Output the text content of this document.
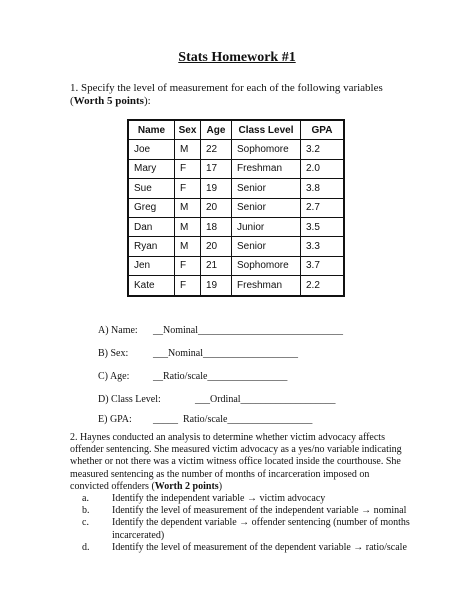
Stats Homework #1
1. Specify the level of measurement for each of the following variables (Worth 5 points):
Name	Sex	Age	Class Level	GPA
Joe	M	22	Sophomore	3.2
Mary	F	17	Freshman	2.0
Sue	F	19	Senior	3.8
Greg	M	20	Senior	2.7
Dan	M	18	Junior	3.5
Ryan	M	20	Senior	3.3
Jen	F	21	Sophomore	3.7
Kate	F	19	Freshman	2.2
A) Name: __Nominal_____________________________
B) Sex: ___Nominal___________________
C) Age: __Ratio/scale________________
D) Class Level:	___Ordinal___________________
E) GPA: _____  Ratio/scale_________________
2. Haynes conducted an analysis to determine whether victim advocacy affects offender sentencing. She measured victim advocacy as a yes/no variable indicating whether or not there was a victim witness office located inside the courthouse. She measured sentencing as the number of months of incarceration imposed on convicted offenders (Worth 2 points)
a. Identify the independent variable → victim advocacy
b. Identify the level of measurement of the independent variable → nominal
c. Identify the dependent variable → offender sentencing (number of months incarcerated)
d. Identify the level of measurement of the dependent variable → ratio/scale
